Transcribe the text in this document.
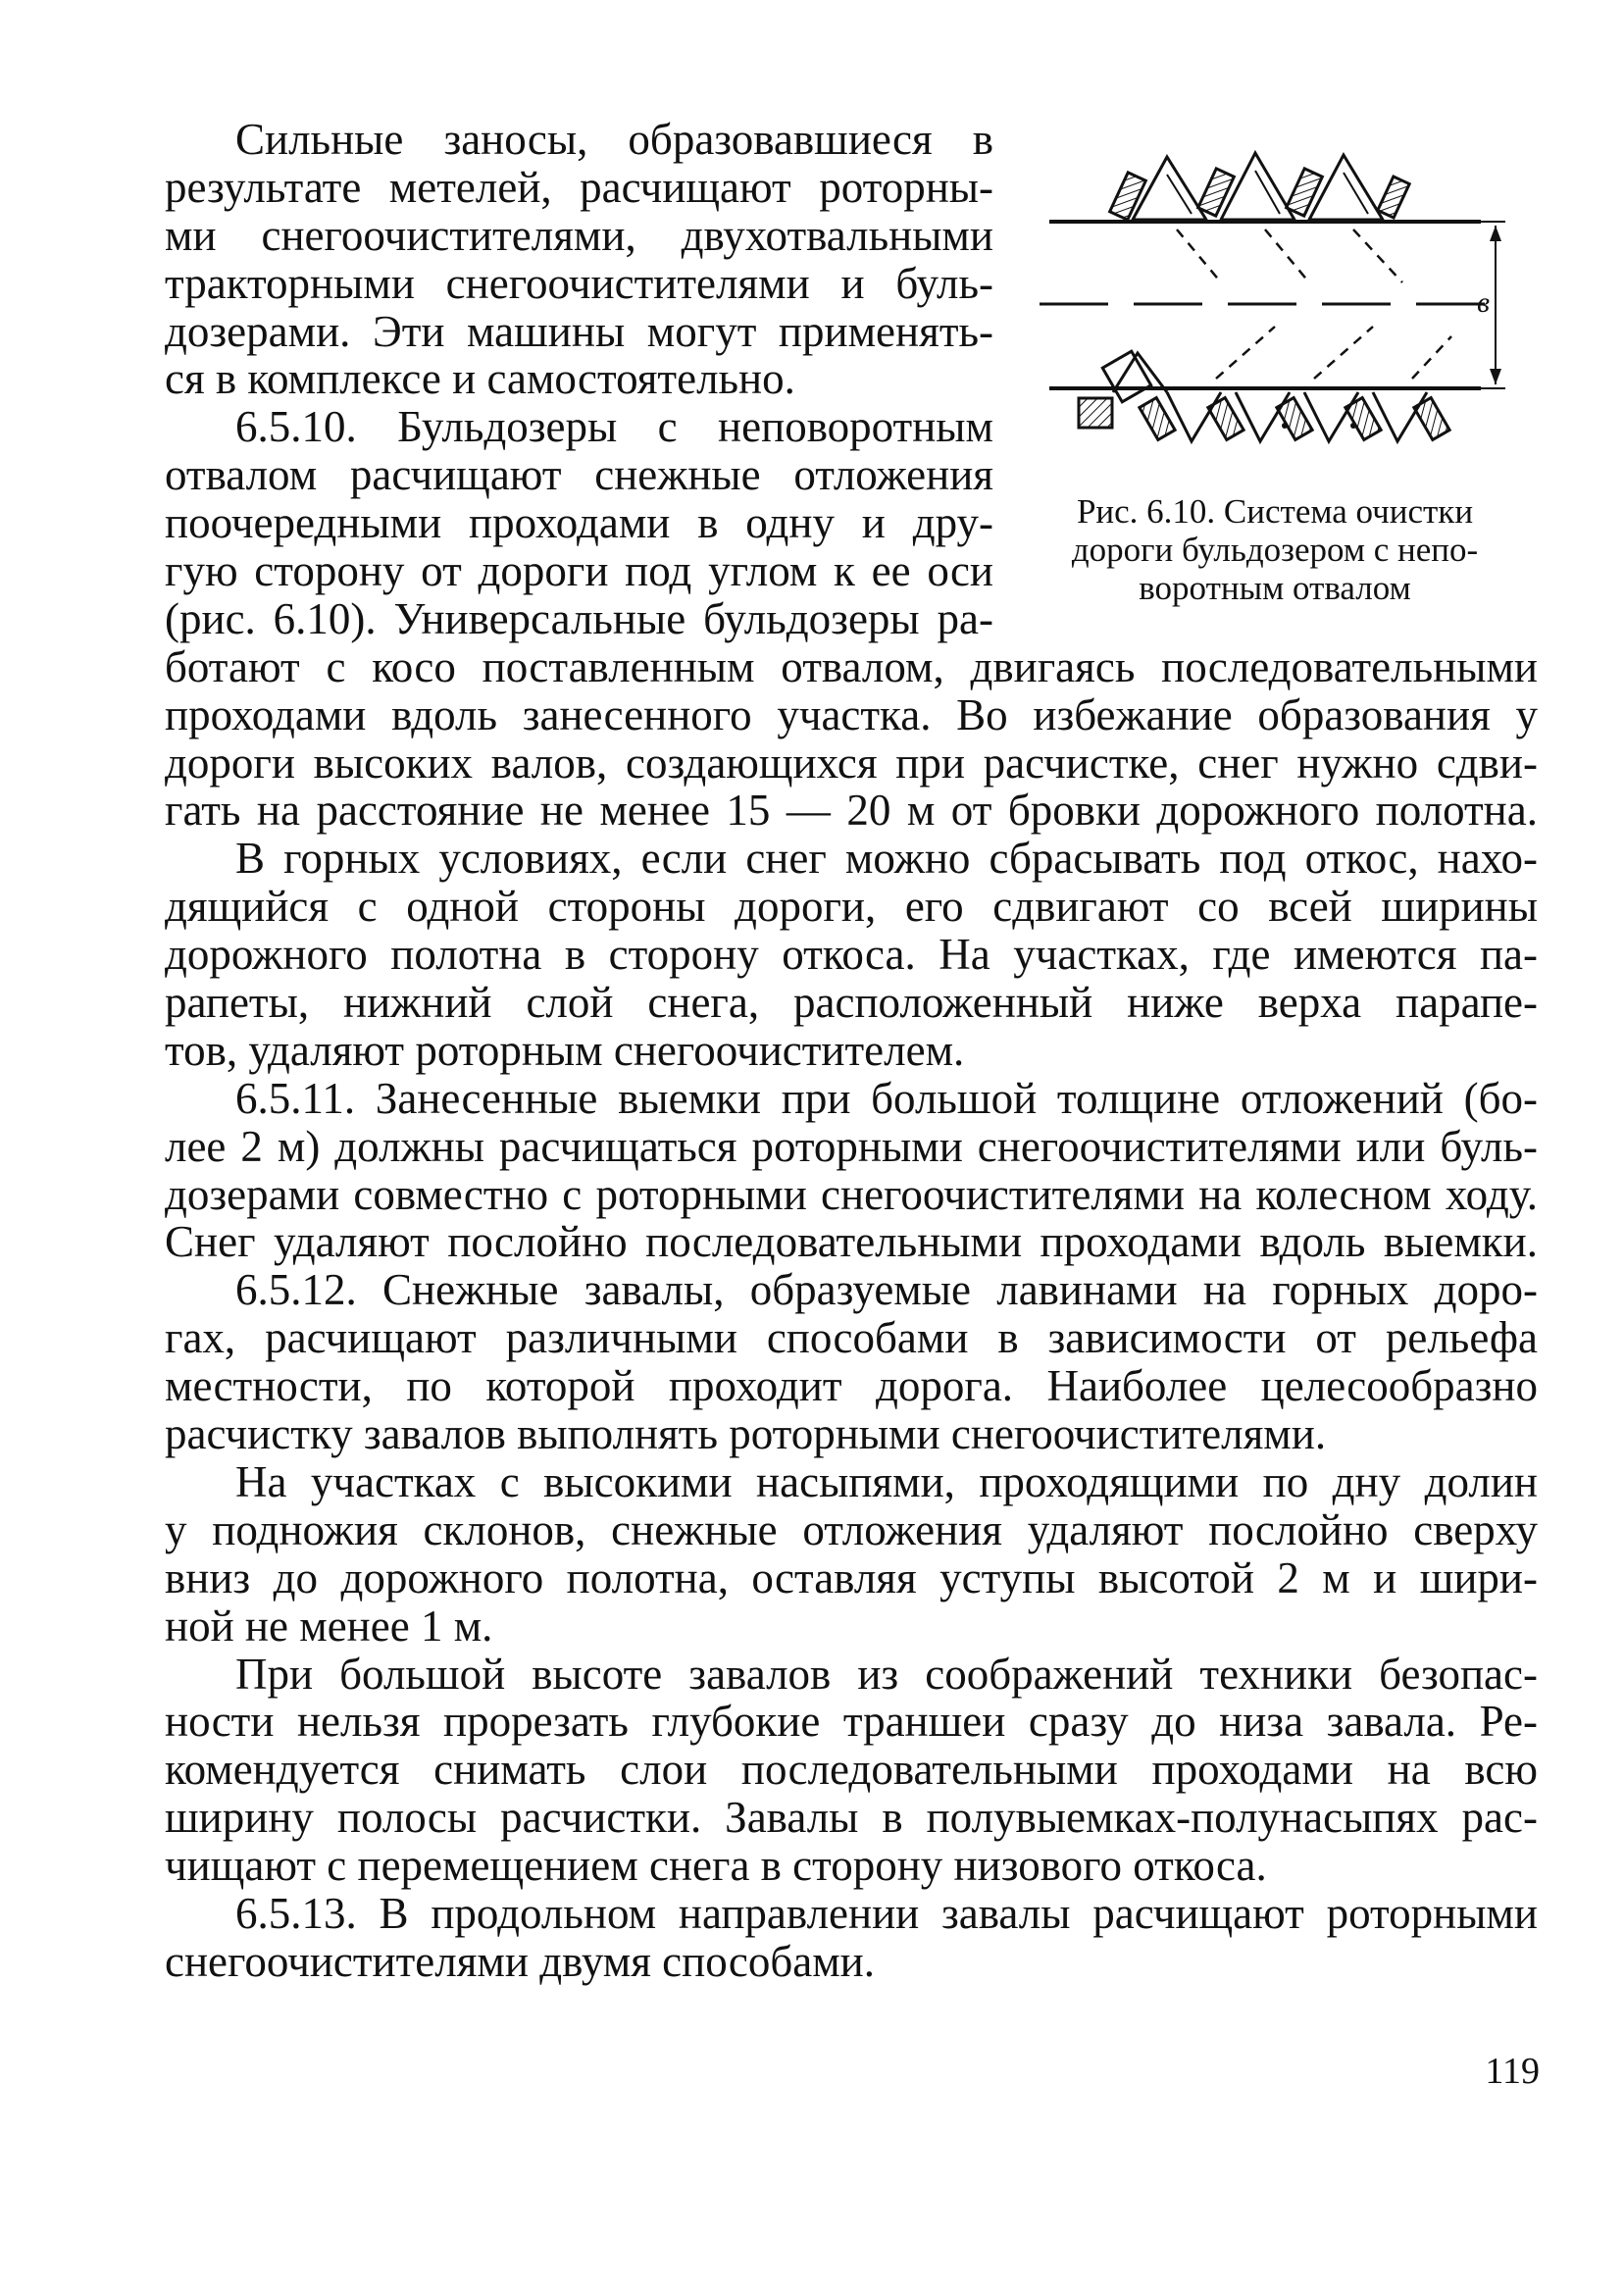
Сильные заносы, образовавшиеся в
результате метелей, расчищают роторны-
ми снегоочистителями, двухотвальными
тракторными снегоочистителями и буль-
дозерами. Эти машины могут применять-
ся в комплексе и самостоятельно.
6.5.10. Бульдозеры с неповоротным
отвалом расчищают снежные отложения
поочередными проходами в одну и дру-
гую сторону от дороги под углом к ее оси
(рис. 6.10). Универсальные бульдозеры ра-
ботают с косо поставленным отвалом, двигаясь последовательными
проходами вдоль занесенного участка. Во избежание образования у
дороги высоких валов, создающихся при расчистке, снег нужно сдви-
гать на расстояние не менее 15 — 20 м от бровки дорожного полотна.
В горных условиях, если снег можно сбрасывать под откос, нахо-
дящийся с одной стороны дороги, его сдвигают со всей ширины
дорожного полотна в сторону откоса. На участках, где имеются па-
рапеты, нижний слой снега, расположенный ниже верха парапе-
тов, удаляют роторным снегоочистителем.
6.5.11. Занесенные выемки при большой толщине отложений (бо-
лее 2 м) должны расчищаться роторными снегоочистителями или буль-
дозерами совместно с роторными снегоочистителями на колесном ходу.
Снег удаляют послойно последовательными проходами вдоль выемки.
6.5.12. Снежные завалы, образуемые лавинами на горных доро-
гах, расчищают различными способами в зависимости от рельефа
местности, по которой проходит дорога. Наиболее целесообразно
расчистку завалов выполнять роторными снегоочистителями.
На участках с высокими насыпями, проходящими по дну долин
у подножия склонов, снежные отложения удаляют послойно сверху
вниз до дорожного полотна, оставляя уступы высотой 2 м и шири-
ной не менее 1 м.
При большой высоте завалов из соображений техники безопас-
ности нельзя прорезать глубокие траншеи сразу до низа завала. Ре-
комендуется снимать слои последовательными проходами на всю
ширину полосы расчистки. Завалы в полувыемках-полунасыпях рас-
чищают с перемещением снега в сторону низового откоса.
6.5.13. В продольном направлении завалы расчищают роторными
снегоочистителями двумя способами.
в
Рис. 6.10. Система очистки
дороги бульдозером с непо-
воротным отвалом
119
